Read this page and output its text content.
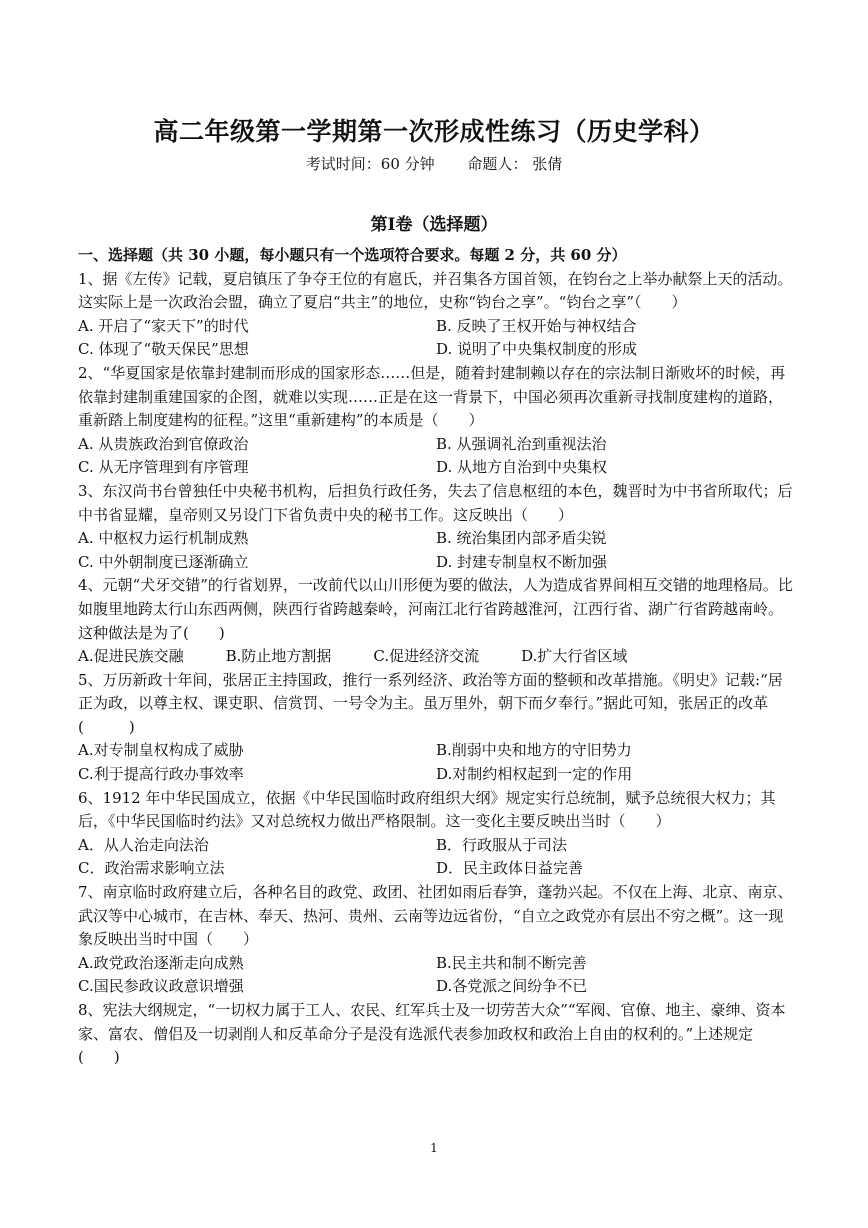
高二年级第一学期第一次形成性练习（历史学科）
考试时间：60 分钟 命题人： 张倩
第Ⅰ卷（选择题）
一、选择题（共 30 小题，每小题只有一个选项符合要求。每题 2 分，共 60 分）
1、据《左传》记载，夏启镇压了争夺王位的有扈氏，并召集各方国首领，在钧台之上举办献祭上天的活动。这实际上是一次政治会盟，确立了夏启“共主”的地位，史称“钧台之享”。“钧台之享”（　　）
A. 开启了“家天下”的时代	B. 反映了王权开始与神权结合
C. 体现了“敬天保民”思想	D. 说明了中央集权制度的形成
2、“华夏国家是依靠封建制而形成的国家形态……但是，随着封建制赖以存在的宗法制日渐败坏的时候，再依靠封建制重建国家的企图，就难以实现……正是在这一背景下，中国必须再次重新寻找制度建构的道路，重新踏上制度建构的征程。”这里“重新建构”的本质是（　　）
A. 从贵族政治到官僚政治	B. 从强调礼治到重视法治
C. 从无序管理到有序管理	D. 从地方自治到中央集权
3、东汉尚书台曾独任中央秘书机构，后担负行政任务，失去了信息枢纽的本色，魏晋时为中书省所取代；后中书省显耀，皇帝则又另设门下省负责中央的秘书工作。这反映出（　　）
A. 中枢权力运行机制成熟	B. 统治集团内部矛盾尖锐
C. 中外朝制度已逐渐确立	D. 封建专制皇权不断加强
4、元朝“犬牙交错”的行省划界，一改前代以山川形便为要的做法，人为造成省界间相互交错的地理格局。比如腹里地跨太行山东西两侧，陕西行省跨越秦岭，河南江北行省跨越淮河，江西行省、湖广行省跨越南岭。这种做法是为了(　　)
A.促进民族交融	B.防止地方割据	C.促进经济交流	D.扩大行省区域
5、万历新政十年间，张居正主持国政，推行一系列经济、政治等方面的整顿和改革措施。《明史》记载:“居正为政，以尊主权、课吏职、信赏罚、一号令为主。虽万里外，朝下而夕奉行。”据此可知，张居正的改革(　　　)
A.对专制皇权构成了威胁	B.削弱中央和地方的守旧势力
C.利于提高行政办事效率	D.对制约相权起到一定的作用
6、1912 年中华民国成立，依据《中华民国临时政府组织大纲》规定实行总统制，赋予总统很大权力；其后，《中华民国临时约法》又对总统权力做出严格限制。这一变化主要反映出当时（　　）
A．从人治走向法治	B．行政服从于司法
C．政治需求影响立法	D．民主政体日益完善
7、南京临时政府建立后，各种名目的政党、政团、社团如雨后春笋，蓬勃兴起。不仅在上海、北京、南京、武汉等中心城市，在吉林、奉天、热河、贵州、云南等边远省份，“自立之政党亦有层出不穷之概”。这一现象反映出当时中国（　　）
A.政党政治逐渐走向成熟	B.民主共和制不断完善
C.国民参政议政意识增强	D.各党派之间纷争不已
8、宪法大纲规定，“一切权力属于工人、农民、红军兵士及一切劳苦大众”“军阀、官僚、地主、豪绅、资本家、富农、僧侣及一切剥削人和反革命分子是没有选派代表参加政权和政治上自由的权利的。”上述规定(　　)
1
